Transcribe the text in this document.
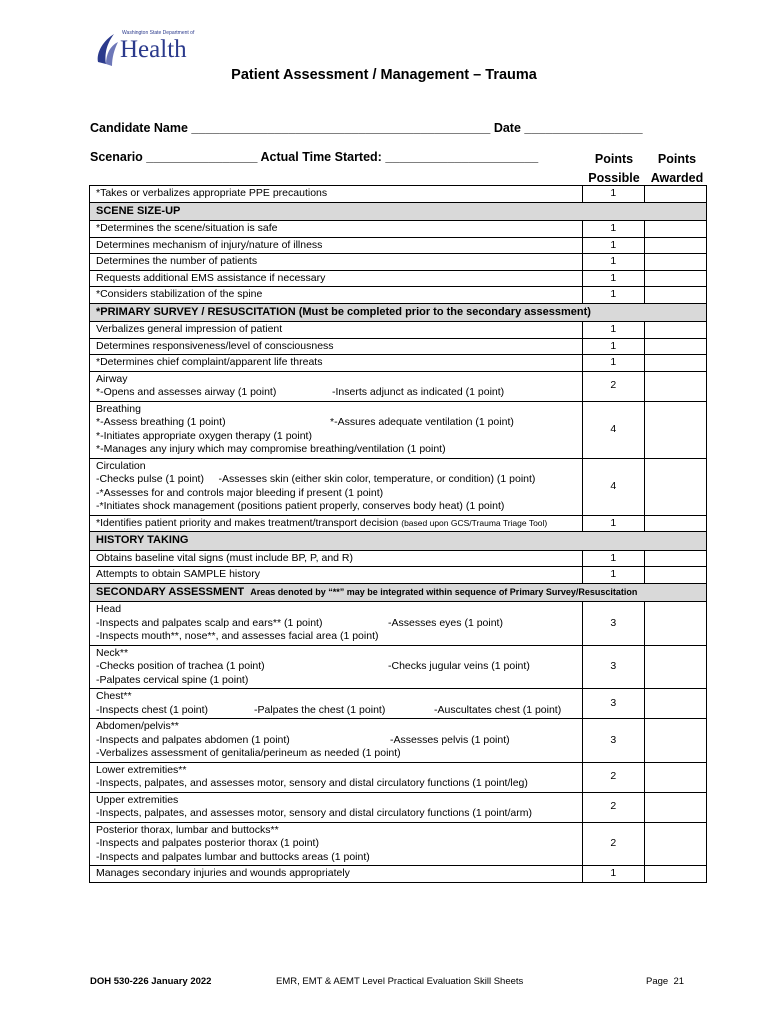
Washington State Department of
Health
Patient Assessment / Management – Trauma
Candidate Name ___________________________________________ Date _________________
Scenario ________________ Actual Time Started: ______________________	Points Possible
Points Awarded
*Takes or verbalizes appropriate PPE precautions	1	
SCENE SIZE-UP		
*Determines the scene/situation is safe	1	
Determines mechanism of injury/nature of illness	1	
Determines the number of patients	1	
Requests additional EMS assistance if necessary	1	
*Considers stabilization of the spine	1	
*PRIMARY SURVEY / RESUSCITATION (Must be completed prior to the secondary assessment)		
Verbalizes general impression of patient	1	
Determines responsiveness/level of consciousness	1	
*Determines chief complaint/apparent life threats	1	

Airway
*-Opens and assesses airway (1 point) -Inserts adjunct as indicated (1 point)	2	

Breathing
*-Assess breathing (1 point) *-Assures adequate ventilation (1 point)
*-Initiates appropriate oxygen therapy (1 point)
*-Manages any injury which may compromise breathing/ventilation (1 point)	4	

Circulation
-Checks pulse (1 point)     -Assesses skin (either skin color, temperature, or condition) (1 point)
-*Assesses for and controls major bleeding if present (1 point)
-*Initiates shock management (positions patient properly, conserves body heat) (1 point)	4	
*Identifies patient priority and makes treatment/transport decision (based upon GCS/Trauma Triage Tool)	1	
HISTORY TAKING		
Obtains baseline vital signs (must include BP, P, and R)	1	
Attempts to obtain SAMPLE history	1	
SECONDARY ASSESSMENT Areas denoted by “**” may be integrated within sequence of Primary Survey/Resuscitation		

Head
-Inspects and palpates scalp and ears** (1 point) -Assesses eyes (1 point)
-Inspects mouth**, nose**, and assesses facial area (1 point)	3	

Neck**
-Checks position of trachea (1 point) -Checks jugular veins (1 point)
-Palpates cervical spine (1 point)	3	

Chest**
-Inspects chest (1 point) -Palpates the chest (1 point) -Auscultates chest (1 point)	3	

Abdomen/pelvis**
-Inspects and palpates abdomen (1 point) -Assesses pelvis (1 point)
-Verbalizes assessment of genitalia/perineum as needed (1 point)	3	

Lower extremities**
-Inspects, palpates, and assesses motor, sensory and distal circulatory functions (1 point/leg)	2	

Upper extremities
-Inspects, palpates, and assesses motor, sensory and distal circulatory functions (1 point/arm)	2	

Posterior thorax, lumbar and buttocks**
-Inspects and palpates posterior thorax (1 point)
-Inspects and palpates lumbar and buttocks areas (1 point)	2	
Manages secondary injuries and wounds appropriately	1	
DOH 530-226 January 2022	EMR, EMT & AEMT Level Practical Evaluation Skill Sheets	Page  21
